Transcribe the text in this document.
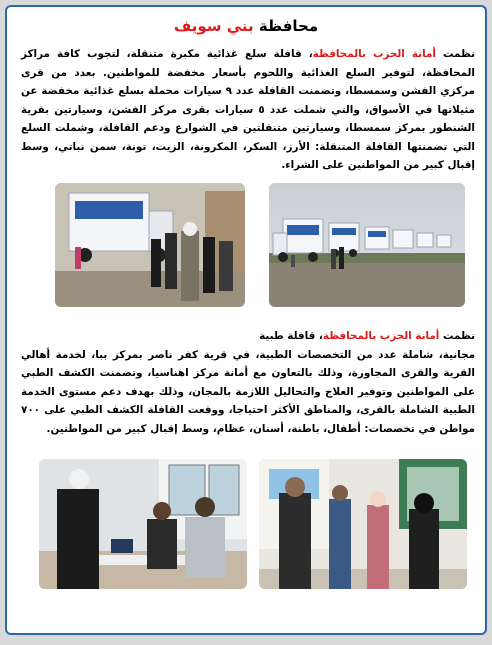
محافظة بني سويف
نظمت أمانة الحزب بالمحافظة، قافلة سلع غذائية مكبرة متنقلة، لتجوب كافة مراكز المحافظة، لتوفير السلع الغذائية واللحوم بأسعار مخفضة للمواطنين. بعدد من قرى مركزي الفشن وسمسطا، وتضمنت القافلة عدد ٩ سيارات محملة بسلع غذائية مخفضة عن مثيلاتها في الأسواق، والتي شملت عدد ٥ سيارات بقرى مركز الفشن، وسيارتين بقرية الشنطور بمركز سمسطا، وسيارتين متنقلتين في الشوارع ودعم القافلة، وشملت السلع التي تضمنتها القافلة المتنقلة: الأرز، السكر، المكرونة، الزيت، تونة، سمن نباتي، وسط إقبال كبير من المواطنين على الشراء.
نظمت أمانة الحزب بالمحافظة، قافلة طبية
مجانية، شاملة عدد من التخصصات الطبية، في قرية كفر ناصر بمركز ببا، لخدمة أهالي القرية والقرى المجاورة، وذلك بالتعاون مع أمانة مركز اهناسيا، وتضمنت الكشف الطبي على المواطنين وتوفير العلاج والتحاليل اللازمة بالمجان، وذلك بهدف دعم مستوى الخدمة الطبية الشاملة بالقرى، والمناطق الأكثر احتياجا، ووقعت القافلة الكشف الطبي على ٧٠٠ مواطن في تخصصات: أطفال، باطنة، أسنان، عظام، وسط إقبال كبير من المواطنين.
